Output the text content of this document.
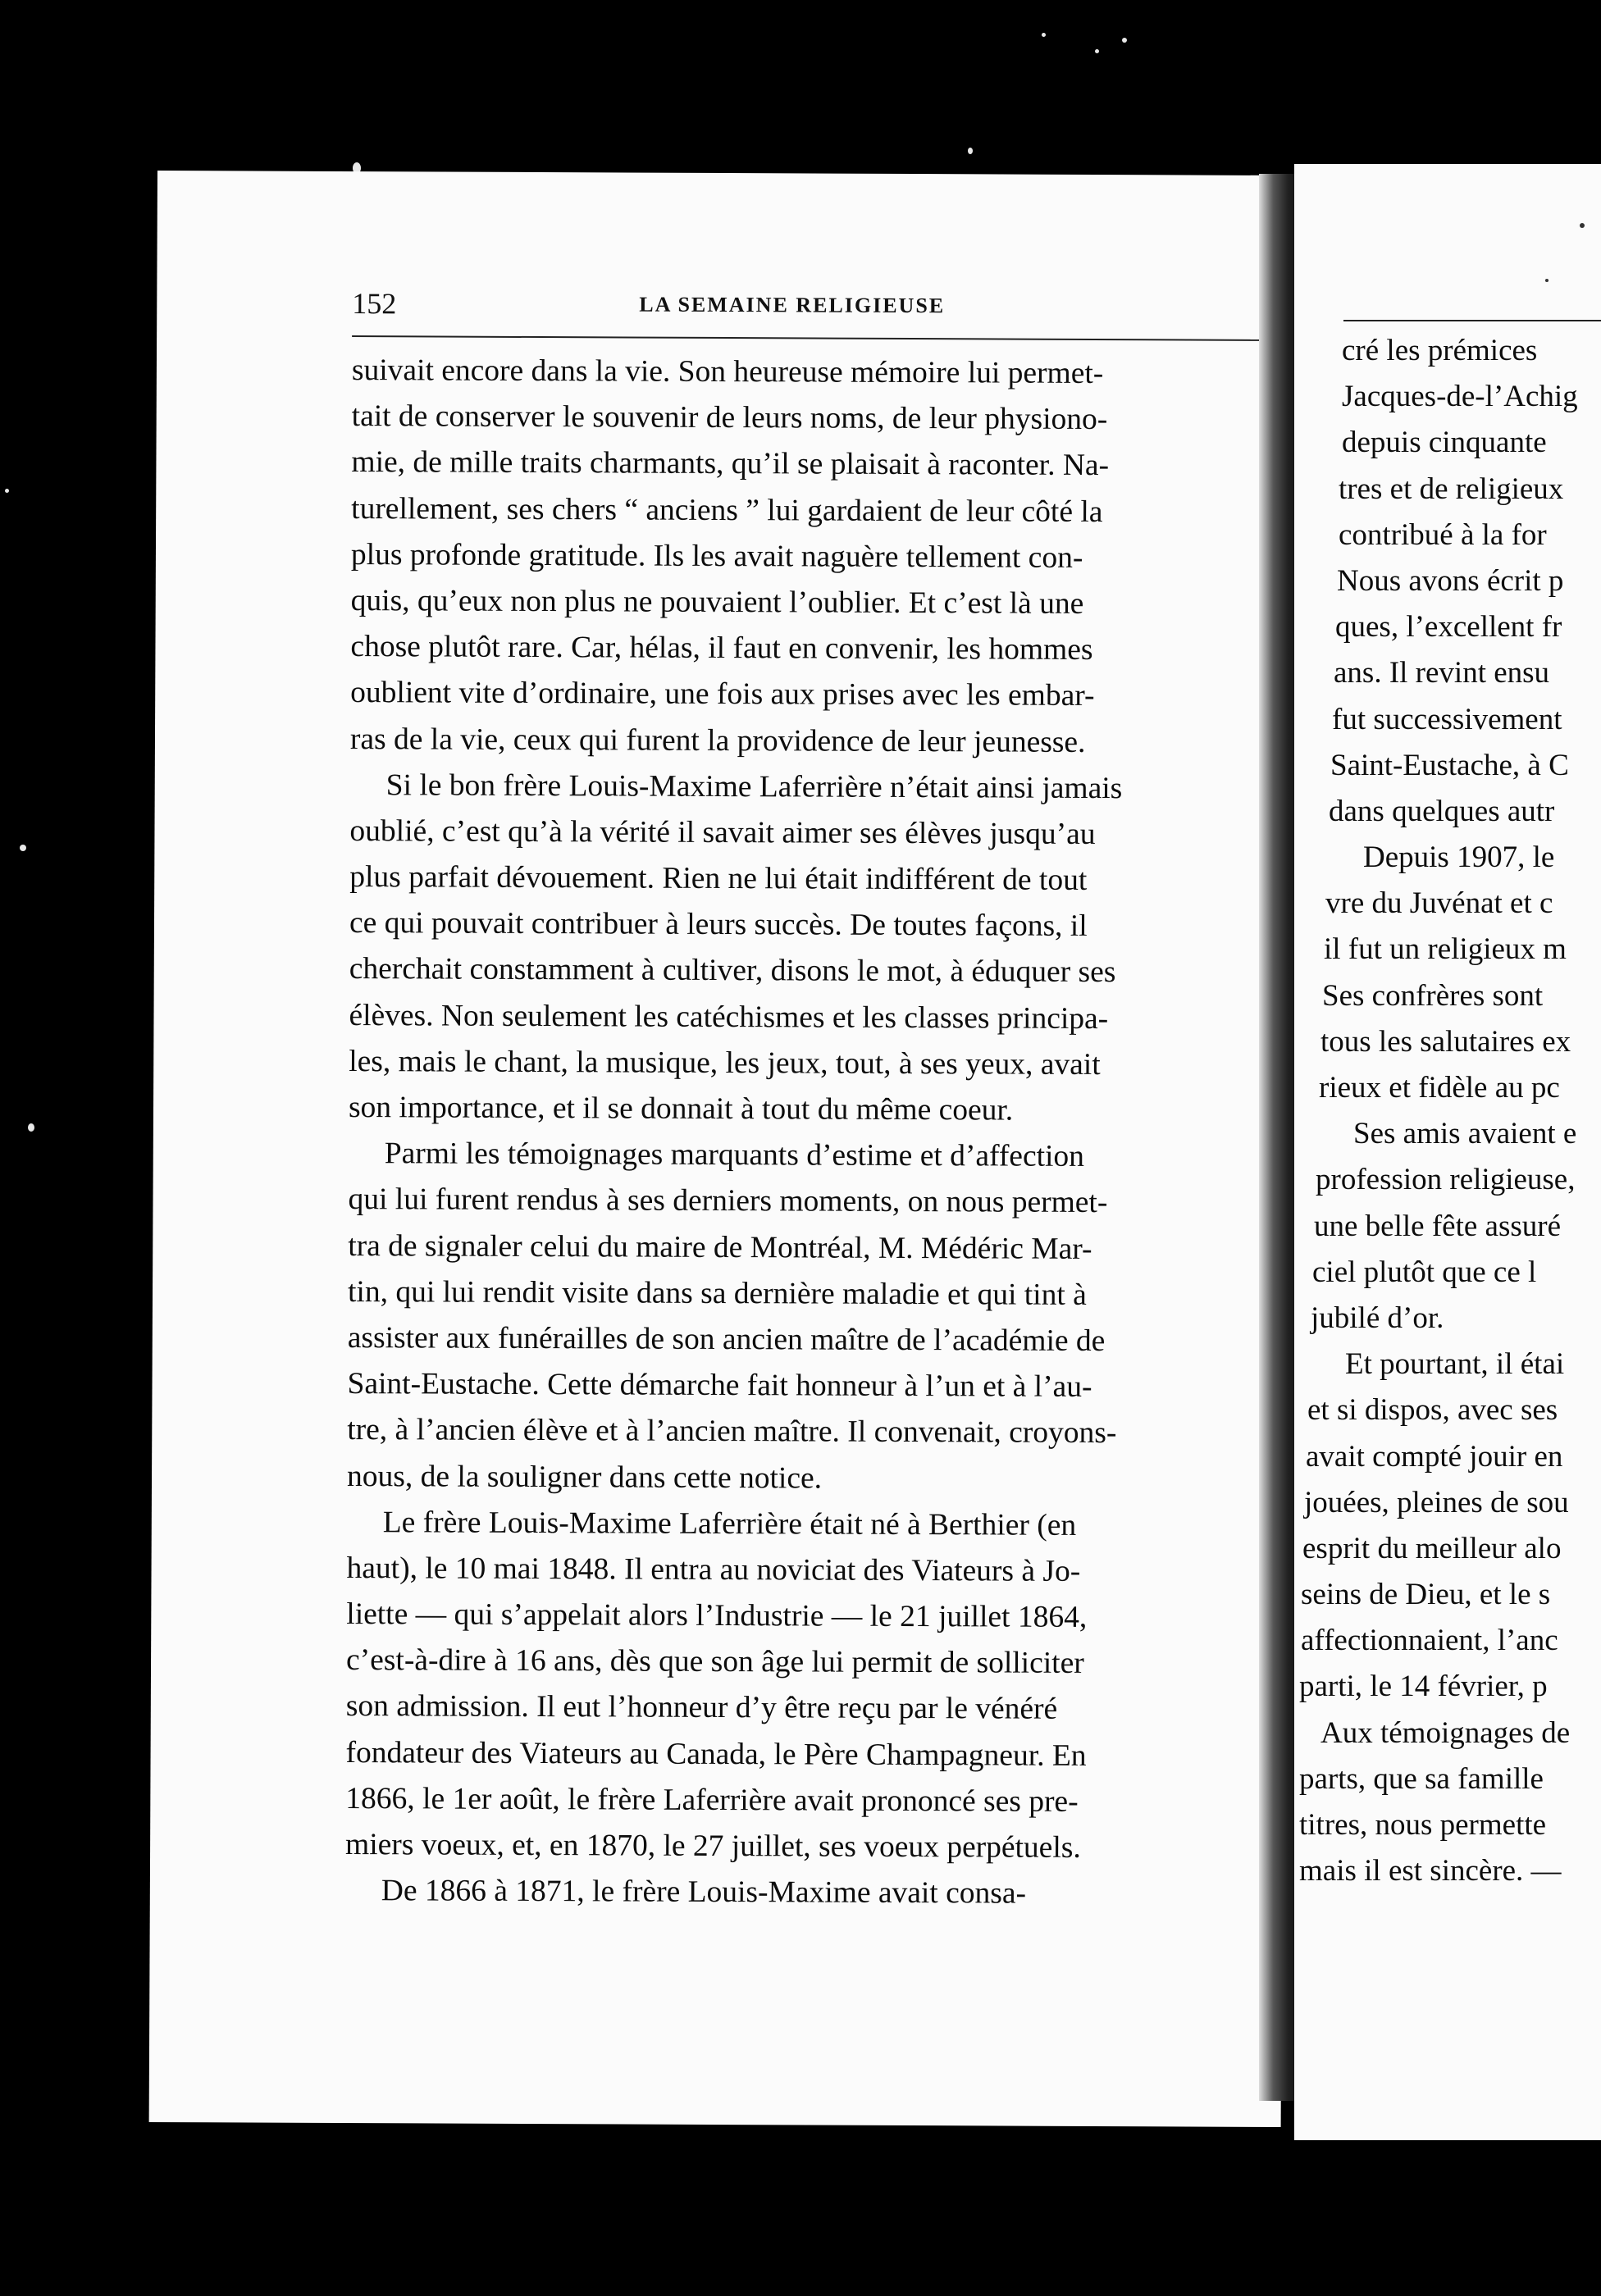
152	LA SEMAINE RELIGIEUSE
suivait encore dans la vie. Son heureuse mémoire lui permet-
tait de conserver le souvenir de leurs noms, de leur physiono-
mie, de mille traits charmants, qu’il se plaisait à raconter. Na-
turellement, ses chers “ anciens ” lui gardaient de leur côté la
plus profonde gratitude. Ils les avait naguère tellement con-
quis, qu’eux non plus ne pouvaient l’oublier. Et c’est là une
chose plutôt rare. Car, hélas, il faut en convenir, les hommes
oublient vite d’ordinaire, une fois aux prises avec les embar-
ras de la vie, ceux qui furent la providence de leur jeunesse.
Si le bon frère Louis-Maxime Laferrière n’était ainsi jamais
oublié, c’est qu’à la vérité il savait aimer ses élèves jusqu’au
plus parfait dévouement. Rien ne lui était indifférent de tout
ce qui pouvait contribuer à leurs succès. De toutes façons, il
cherchait constamment à cultiver, disons le mot, à éduquer ses
élèves. Non seulement les catéchismes et les classes principa-
les, mais le chant, la musique, les jeux, tout, à ses yeux, avait
son importance, et il se donnait à tout du même coeur.
Parmi les témoignages marquants d’estime et d’affection
qui lui furent rendus à ses derniers moments, on nous permet-
tra de signaler celui du maire de Montréal, M. Médéric Mar-
tin, qui lui rendit visite dans sa dernière maladie et qui tint à
assister aux funérailles de son ancien maître de l’académie de
Saint-Eustache. Cette démarche fait honneur à l’un et à l’au-
tre, à l’ancien élève et à l’ancien maître. Il convenait, croyons-
nous, de la souligner dans cette notice.
Le frère Louis-Maxime Laferrière était né à Berthier (en
haut), le 10 mai 1848. Il entra au noviciat des Viateurs à Jo-
liette — qui s’appelait alors l’Industrie — le 21 juillet 1864,
c’est-à-dire à 16 ans, dès que son âge lui permit de solliciter
son admission. Il eut l’honneur d’y être reçu par le vénéré
fondateur des Viateurs au Canada, le Père Champagneur. En
1866, le 1er août, le frère Laferrière avait prononcé ses pre-
miers voeux, et, en 1870, le 27 juillet, ses voeux perpétuels.
De 1866 à 1871, le frère Louis-Maxime avait consa-
cré les prémices
Jacques-de-l’Achig
depuis cinquante
tres et de religieux
contribué à la for
Nous avons écrit p
ques, l’excellent fr
ans. Il revint ensu
fut successivement
Saint-Eustache, à C
dans quelques autr
Depuis 1907, le
vre du Juvénat et c
il fut un religieux m
Ses confrères sont
tous les salutaires ex
rieux et fidèle au pc
Ses amis avaient e
profession religieuse,
une belle fête assuré
ciel plutôt que ce l
jubilé d’or.
Et pourtant, il étai
et si dispos, avec ses
avait compté jouir en
jouées, pleines de sou
esprit du meilleur alo
seins de Dieu, et le s
affectionnaient, l’anc
parti, le 14 février, p
Aux témoignages de
parts, que sa famille
titres, nous permette
mais il est sincère. —
